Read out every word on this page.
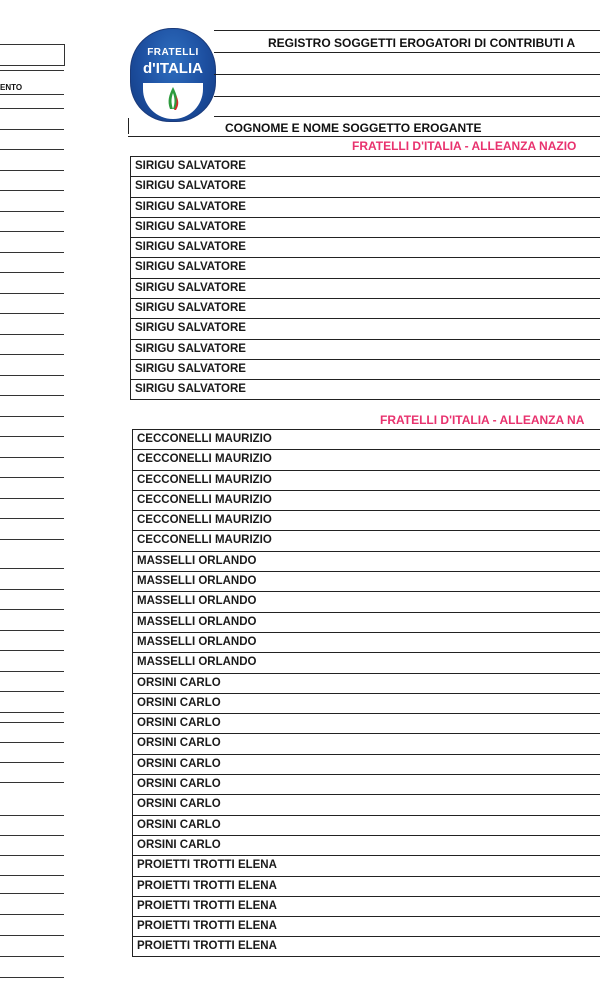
ENTO
FRATELLI
d'ITALIA
REGISTRO SOGGETTI EROGATORI DI CONTRIBUTI A
COGNOME E NOME SOGGETTO EROGANTE
FRATELLI D'ITALIA - ALLEANZA NAZIO
SIRIGU SALVATORE
SIRIGU SALVATORE
SIRIGU SALVATORE
SIRIGU SALVATORE
SIRIGU SALVATORE
SIRIGU SALVATORE
SIRIGU SALVATORE
SIRIGU SALVATORE
SIRIGU SALVATORE
SIRIGU SALVATORE
SIRIGU SALVATORE
SIRIGU SALVATORE
FRATELLI D'ITALIA - ALLEANZA NA
CECCONELLI MAURIZIO
CECCONELLI MAURIZIO
CECCONELLI MAURIZIO
CECCONELLI MAURIZIO
CECCONELLI MAURIZIO
CECCONELLI MAURIZIO
MASSELLI ORLANDO
MASSELLI ORLANDO
MASSELLI ORLANDO
MASSELLI ORLANDO
MASSELLI ORLANDO
MASSELLI ORLANDO
ORSINI CARLO
ORSINI CARLO
ORSINI CARLO
ORSINI CARLO
ORSINI CARLO
ORSINI CARLO
ORSINI CARLO
ORSINI CARLO
ORSINI CARLO
PROIETTI TROTTI ELENA
PROIETTI TROTTI ELENA
PROIETTI TROTTI ELENA
PROIETTI TROTTI ELENA
PROIETTI TROTTI ELENA
